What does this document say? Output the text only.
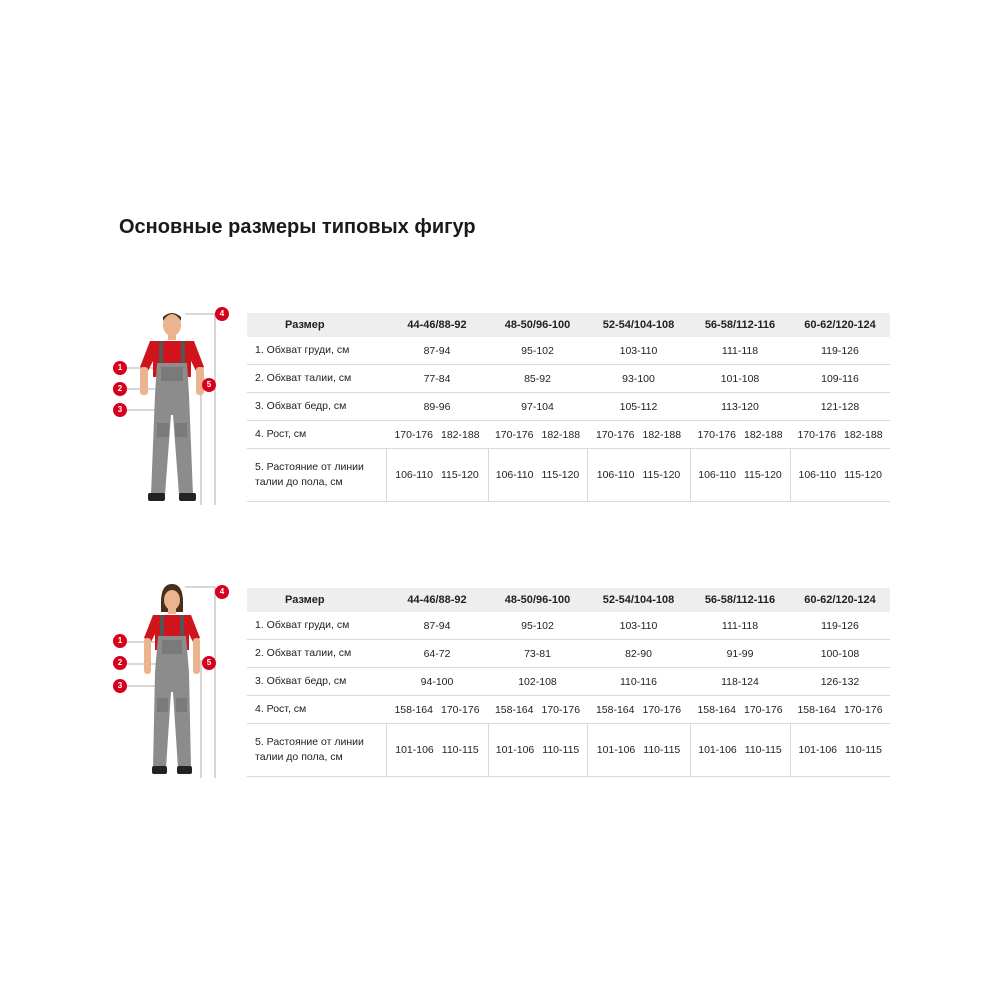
Основные размеры типовых фигур
1
2
3
4
5
Размер	44-46/88-92	48-50/96-100	52-54/104-108	56-58/112-116	60-62/120-124
1. Обхват груди, см	87-94	95-102	103-110	111-118	119-126
2. Обхват талии, см	77-84	85-92	93-100	101-108	109-116
3. Обхват бедр, см	89-96	97-104	105-112	113-120	121-128
4. Рост, см	170-176 182-188	170-176 182-188	170-176 182-188	170-176 182-188	170-176 182-188

5. Растояние от линии
талии до пола, см	106-110 115-120	106-110 115-120	106-110 115-120	106-110 115-120	106-110 115-120
1
2
3
4
5
Размер	44-46/88-92	48-50/96-100	52-54/104-108	56-58/112-116	60-62/120-124
1. Обхват груди, см	87-94	95-102	103-110	111-118	119-126
2. Обхват талии, см	64-72	73-81	82-90	91-99	100-108
3. Обхват бедр, см	94-100	102-108	110-116	118-124	126-132
4. Рост, см	158-164 170-176	158-164 170-176	158-164 170-176	158-164 170-176	158-164 170-176

5. Растояние от линии
талии до пола, см	101-106 110-115	101-106 110-115	101-106 110-115	101-106 110-115	101-106 110-115
